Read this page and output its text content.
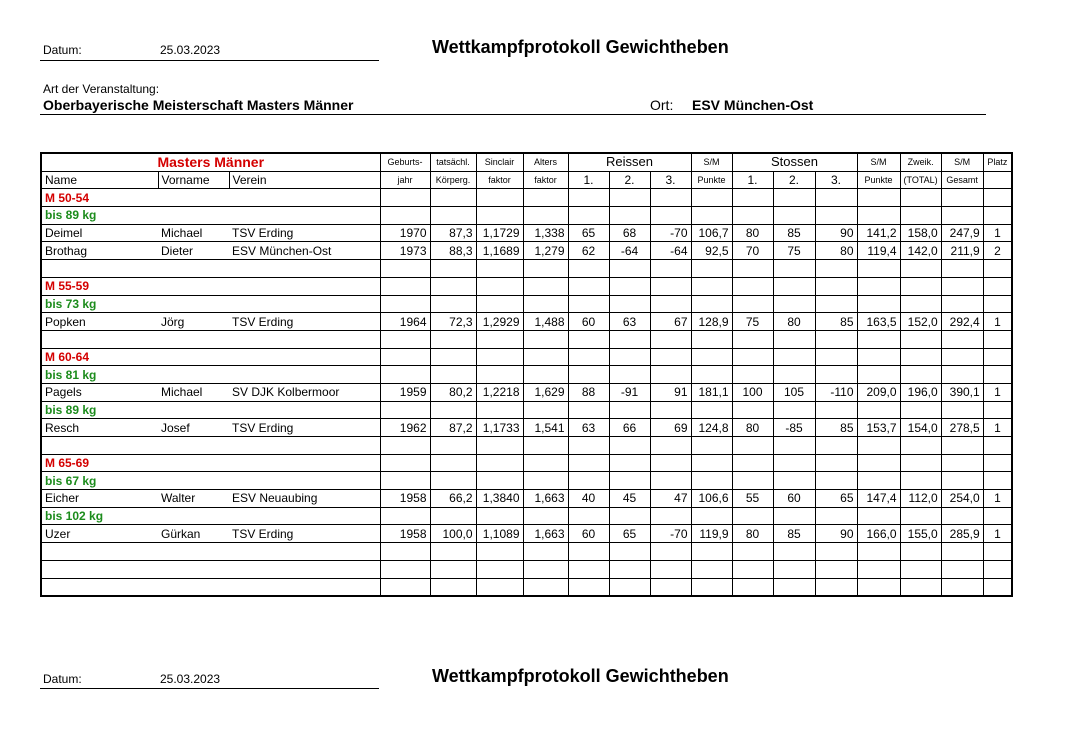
Datum:	25.03.2023	Wettkampfprotokoll Gewichtheben
Art der Veranstaltung:
Oberbayerische Meisterschaft Masters Männer	Ort: ESV München-Ost
Masters Männer			Geburts-	tatsächl.	Sinclair	Alters	Reissen			S/M	Stossen			S/M	Zweik.	S/M	Platz
Name	Vorname	Verein	jahr	Körperg.	faktor	faktor	1.	2.	3.	Punkte	1.	2.	3.	Punkte	(TOTAL)	Gesamt	
M 50-54																	
bis 89 kg																	
Deimel	Michael	TSV Erding	1970	87,3	1,1729	1,338	65	68	-70	106,7	80	85	90	141,2	158,0	247,9	1
Brothag	Dieter	ESV München-Ost	1973	88,3	1,1689	1,279	62	-64	-64	92,5	70	75	80	119,4	142,0	211,9	2

M 55-59																	
bis 73 kg																	
Popken	Jörg	TSV Erding	1964	72,3	1,2929	1,488	60	63	67	128,9	75	80	85	163,5	152,0	292,4	1

M 60-64																	
bis 81 kg																	
Pagels	Michael	SV DJK Kolbermoor	1959	80,2	1,2218	1,629	88	-91	91	181,1	100	105	-110	209,0	196,0	390,1	1
bis 89 kg																	
Resch	Josef	TSV Erding	1962	87,2	1,1733	1,541	63	66	69	124,8	80	-85	85	153,7	154,0	278,5	1

M 65-69																	
bis 67 kg																	
Eicher	Walter	ESV Neuaubing	1958	66,2	1,3840	1,663	40	45	47	106,6	55	60	65	147,4	112,0	254,0	1
bis 102 kg																	
Uzer	Gürkan	TSV Erding	1958	100,0	1,1089	1,663	60	65	-70	119,9	80	85	90	166,0	155,0	285,9	1

Datum:	25.03.2023	Wettkampfprotokoll Gewichtheben
